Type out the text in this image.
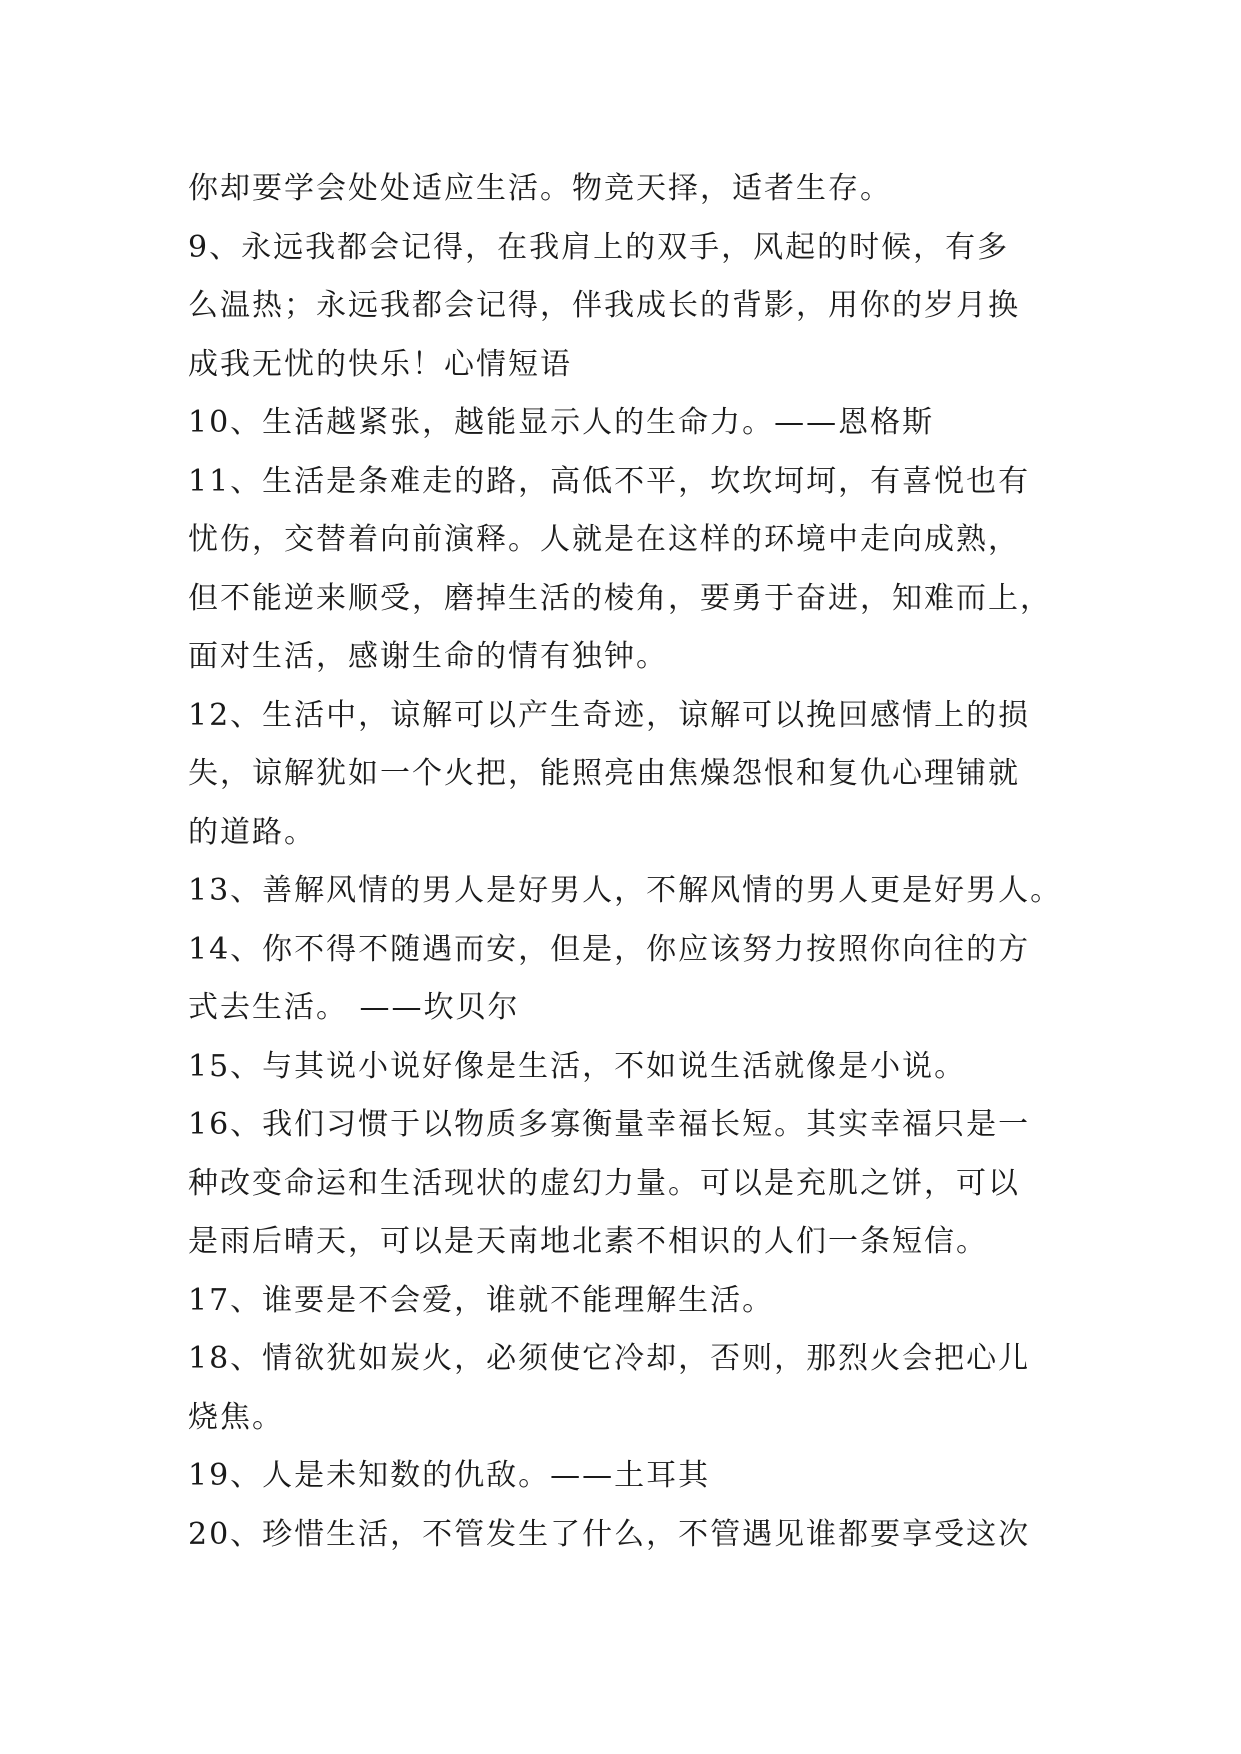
你却要学会处处适应生活。物竞天择，适者生存。
9、永远我都会记得，在我肩上的双手，风起的时候，有多
么温热；永远我都会记得，伴我成长的背影，用你的岁月换
成我无忧的快乐！心情短语
10、生活越紧张，越能显示人的生命力。——恩格斯
11、生活是条难走的路，高低不平，坎坎坷坷，有喜悦也有
忧伤，交替着向前演释。人就是在这样的环境中走向成熟，
但不能逆来顺受，磨掉生活的棱角，要勇于奋进，知难而上，
面对生活，感谢生命的情有独钟。
12、生活中，谅解可以产生奇迹，谅解可以挽回感情上的损
失，谅解犹如一个火把，能照亮由焦燥怨恨和复仇心理铺就
的道路。
13、善解风情的男人是好男人，不解风情的男人更是好男人。
14、你不得不随遇而安，但是，你应该努力按照你向往的方
式去生活。 ——坎贝尔
15、与其说小说好像是生活，不如说生活就像是小说。
16、我们习惯于以物质多寡衡量幸福长短。其实幸福只是一
种改变命运和生活现状的虚幻力量。可以是充肌之饼，可以
是雨后晴天，可以是天南地北素不相识的人们一条短信。
17、谁要是不会爱，谁就不能理解生活。
18、情欲犹如炭火，必须使它冷却，否则，那烈火会把心儿
烧焦。
19、人是未知数的仇敌。——土耳其
20、珍惜生活，不管发生了什么，不管遇见谁都要享受这次
